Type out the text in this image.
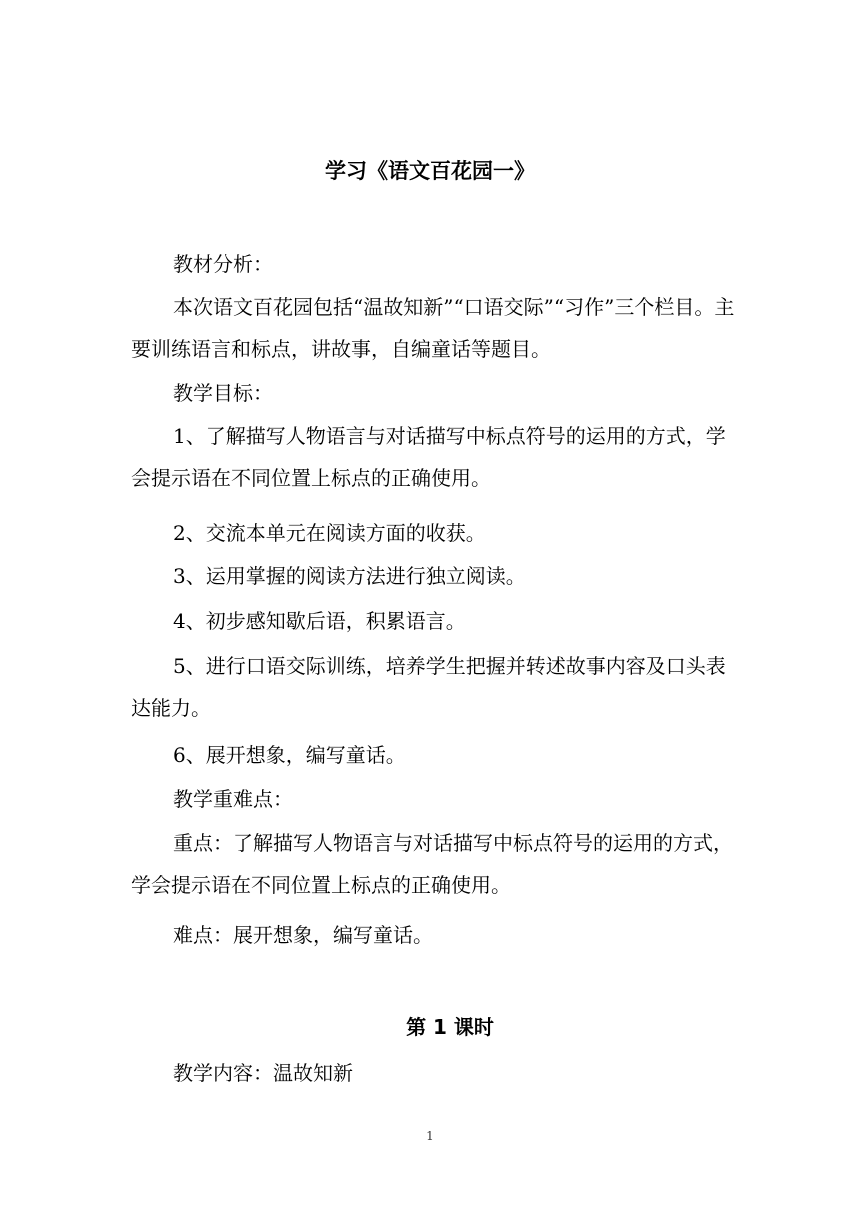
学习《语文百花园一》

教材分析：

本次语文百花园包括“温故知新”“口语交际”“习作”三个栏目。主要训练语言和标点，讲故事，自编童话等题目。

教学目标：

1、了解描写人物语言与对话描写中标点符号的运用的方式，学会提示语在不同位置上标点的正确使用。

2、交流本单元在阅读方面的收获。

3、运用掌握的阅读方法进行独立阅读。

4、初步感知歇后语，积累语言。

5、进行口语交际训练，培养学生把握并转述故事内容及口头表达能力。

6、展开想象，编写童话。

教学重难点：

重点：了解描写人物语言与对话描写中标点符号的运用的方式，学会提示语在不同位置上标点的正确使用。

难点：展开想象，编写童话。

第 1 课时

教学内容：温故知新

1
